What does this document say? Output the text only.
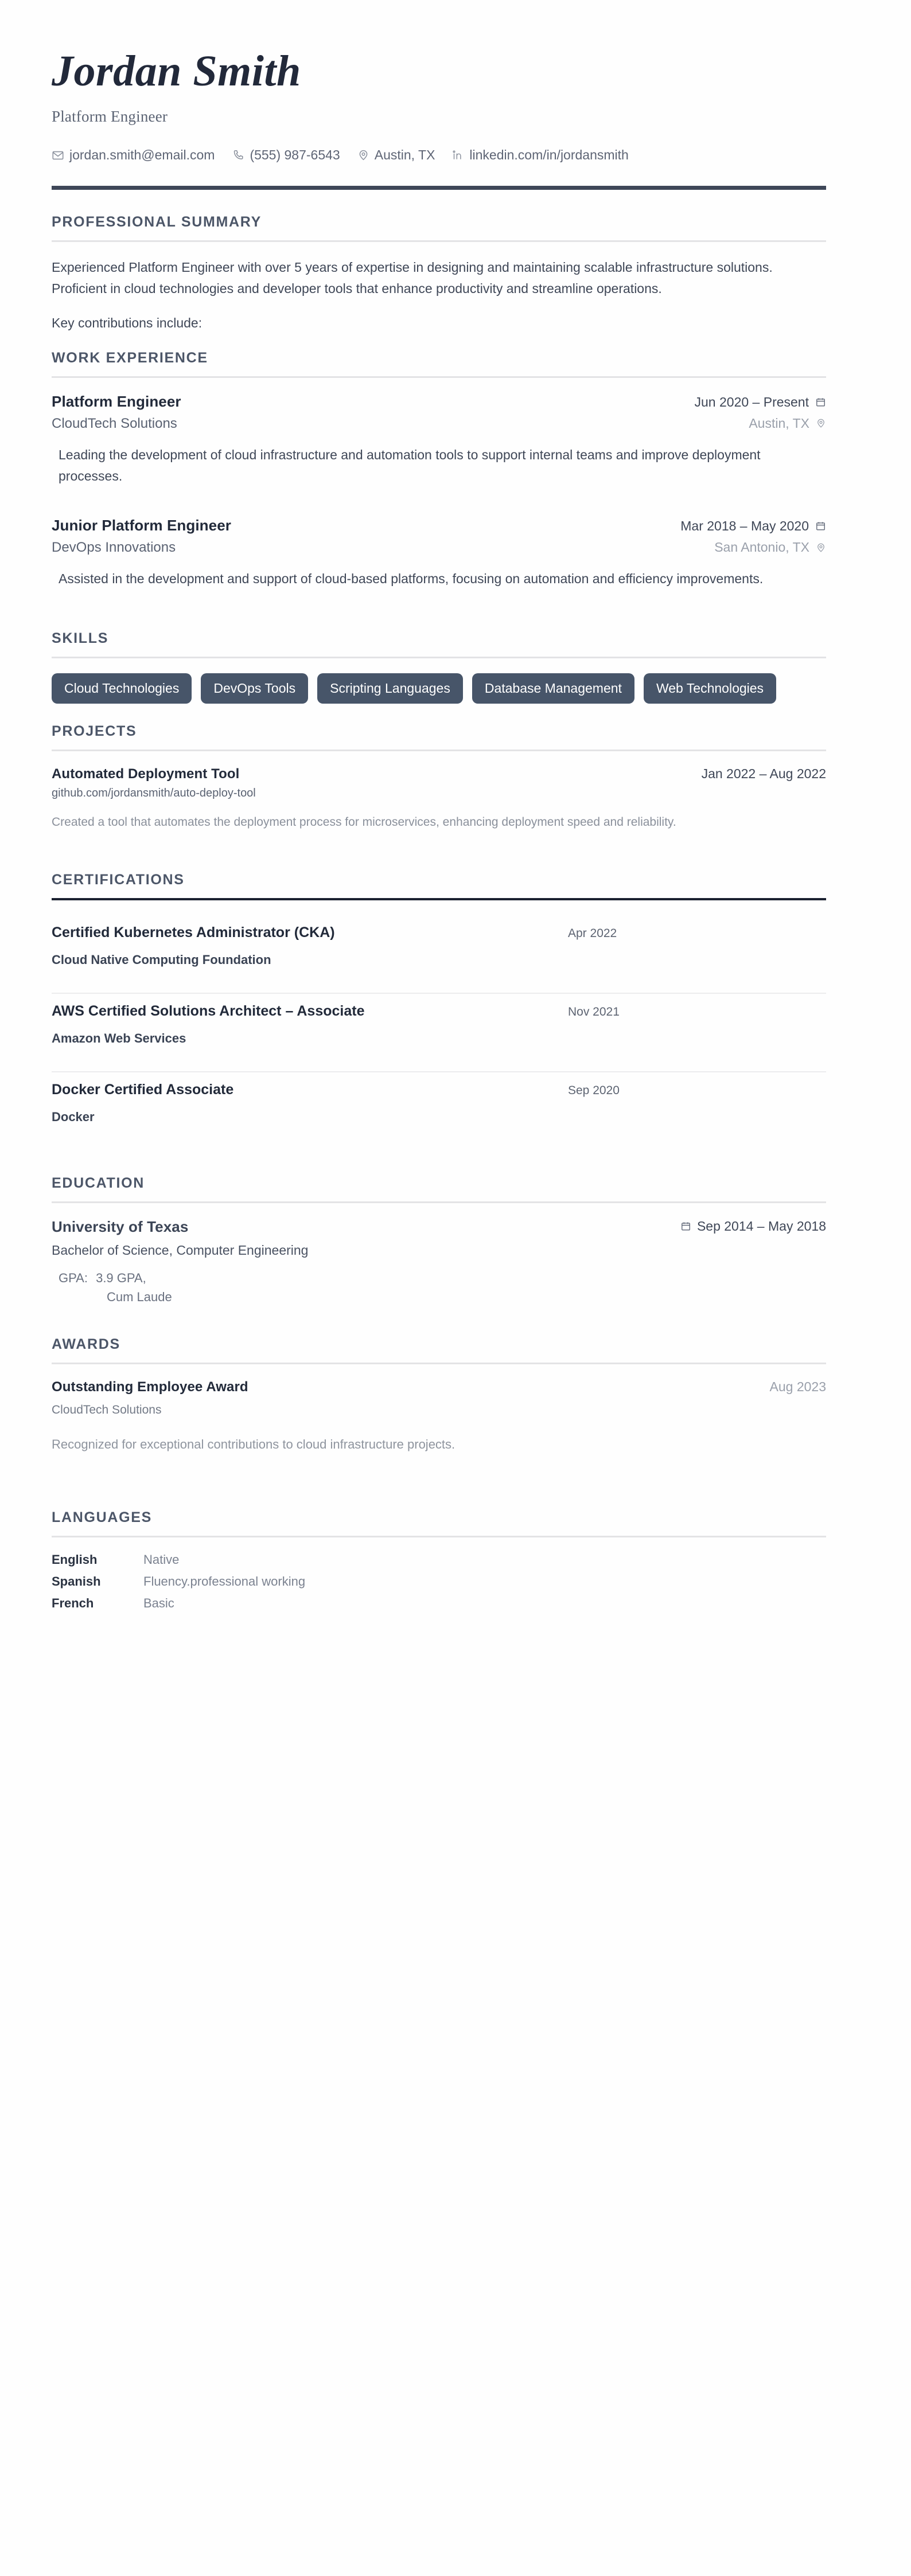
Jordan Smith
Platform Engineer
jordan.smith@email.com	(555) 987-6543	Austin, TX	linkedin.com/in/jordansmith
PROFESSIONAL SUMMARY

Experienced Platform Engineer with over 5 years of expertise in designing and maintaining scalable infrastructure solutions. Proficient in cloud technologies and developer tools that enhance productivity and streamline operations.

Key contributions include:

WORK EXPERIENCE
Platform Engineer	Jun 2020 – Present
CloudTech Solutions	Austin, TX
Leading the development of cloud infrastructure and automation tools to support internal teams and improve deployment processes.
Junior Platform Engineer	Mar 2018 – May 2020
DevOps Innovations	San Antonio, TX
Assisted in the development and support of cloud-based platforms, focusing on automation and efficiency improvements.
SKILLS
Cloud Technologies	DevOps Tools	Scripting Languages	Database Management	Web Technologies
PROJECTS
Automated Deployment Tool	Jan 2022 – Aug 2022
github.com/jordansmith/auto-deploy-tool
Created a tool that automates the deployment process for microservices, enhancing deployment speed and reliability.
CERTIFICATIONS
Certified Kubernetes Administrator (CKA)	Apr 2022
Cloud Native Computing Foundation
AWS Certified Solutions Architect – Associate	Nov 2021
Amazon Web Services
Docker Certified Associate	Sep 2020
Docker
EDUCATION
University of Texas	Sep 2014 – May 2018
Bachelor of Science, Computer Engineering
GPA: 3.9 GPA,
Cum Laude
AWARDS
Outstanding Employee Award	Aug 2023
CloudTech Solutions
Recognized for exceptional contributions to cloud infrastructure projects.
LANGUAGES
English	Native
Spanish	Fluency.professional working
French	Basic
